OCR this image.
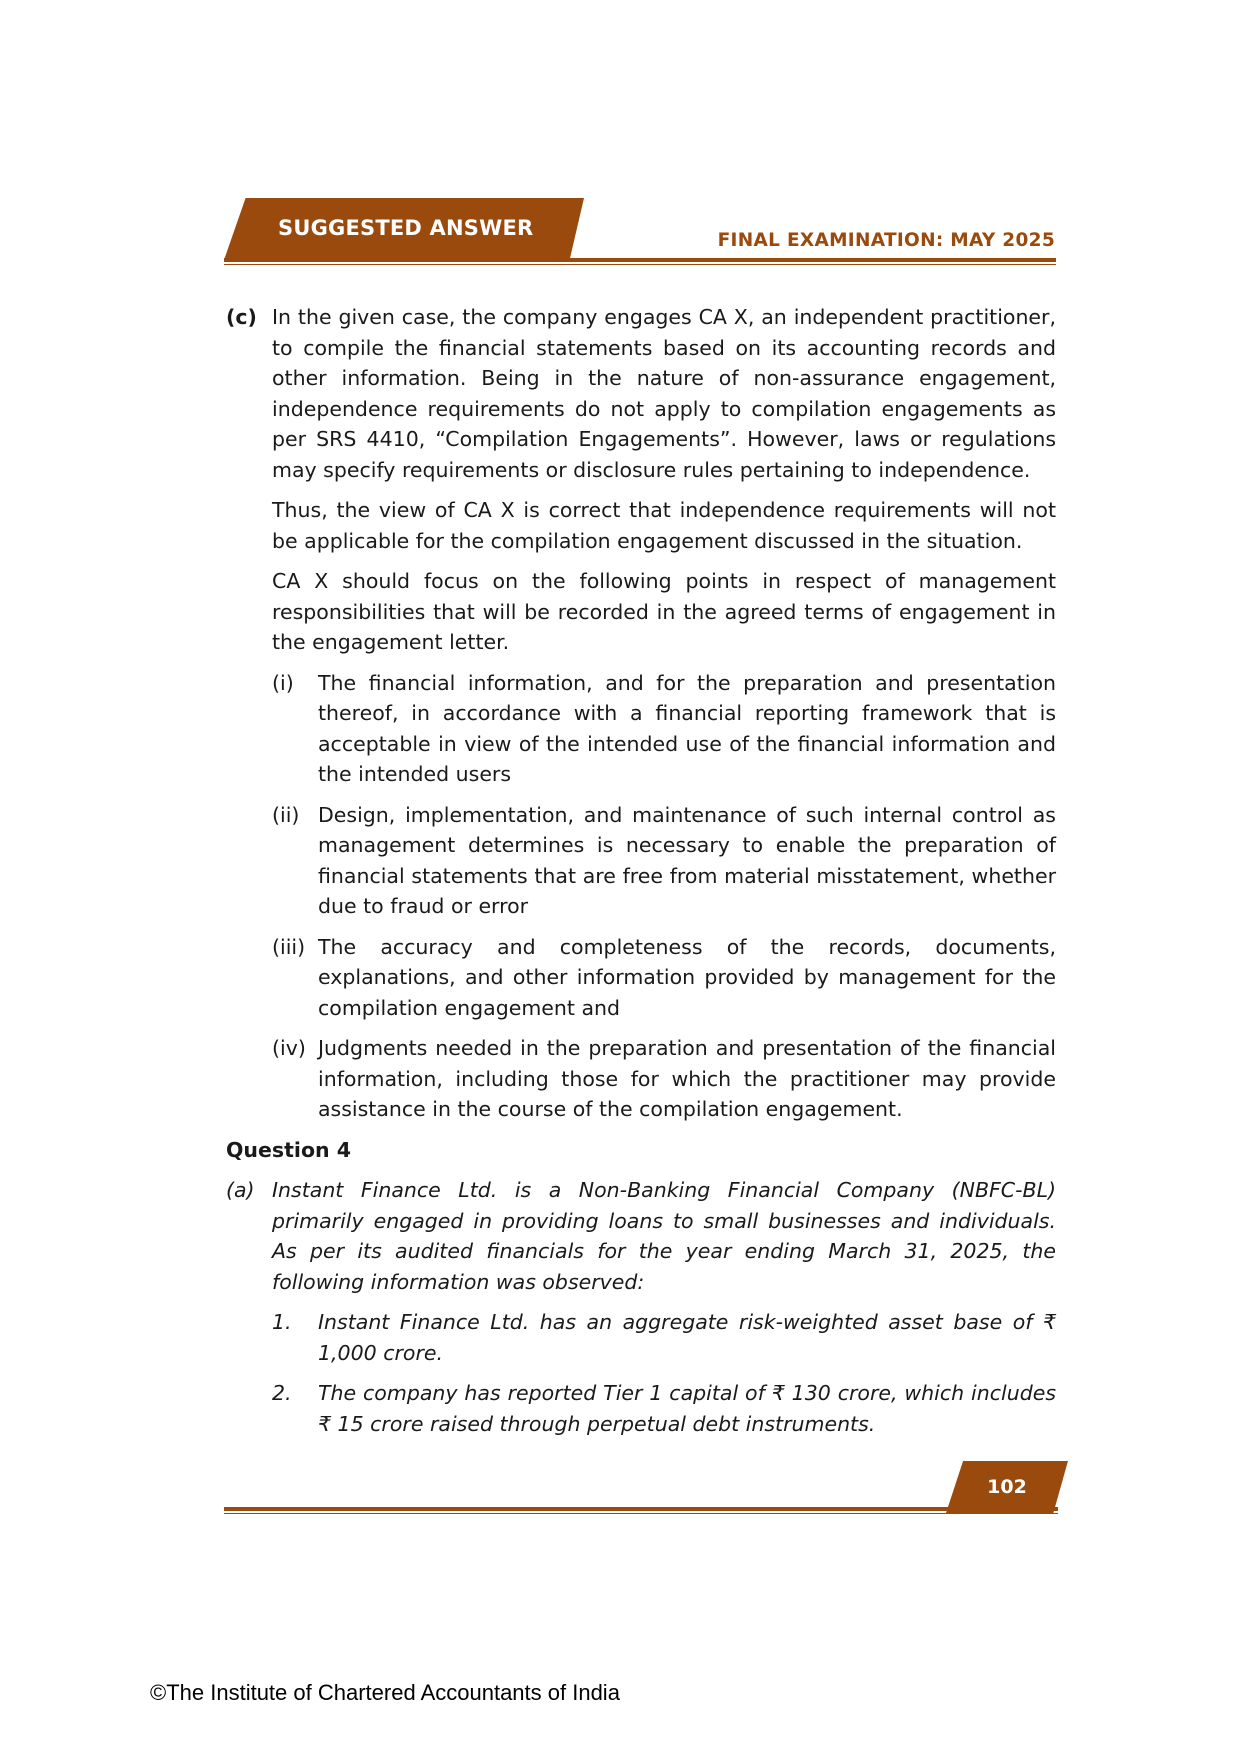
SUGGESTED ANSWER
FINAL EXAMINATION: MAY 2025
(c) In the given case, the company engages CA X, an independent practitioner, to compile the financial statements based on its accounting records and other information. Being in the nature of non-assurance engagement, independence requirements do not apply to compilation engagements as per SRS 4410, “Compilation Engagements”. However, laws or regulations may specify requirements or disclosure rules pertaining to independence.

Thus, the view of CA X is correct that independence requirements will not be applicable for the compilation engagement discussed in the situation.

CA X should focus on the following points in respect of management responsibilities that will be recorded in the agreed terms of engagement in the engagement letter.

(i)	The financial information, and for the preparation and presentation thereof, in accordance with a financial reporting framework that is acceptable in view of the intended use of the financial information and the intended users
(ii) Design, implementation, and maintenance of such internal control as management determines is necessary to enable the preparation of financial statements that are free from material misstatement, whether due to fraud or error
(iii) The accuracy and completeness of the records, documents, explanations, and other information provided by management for the compilation engagement and
(iv) Judgments needed in the preparation and presentation of the financial information, including those for which the practitioner may provide assistance in the course of the compilation engagement.
Question 4
(a) Instant Finance Ltd. is a Non-Banking Financial Company (NBFC-BL) primarily engaged in providing loans to small businesses and individuals. As per its audited financials for the year ending March 31, 2025, the following information was observed:
1.	Instant Finance Ltd. has an aggregate risk-weighted asset base of ₹ 1,000 crore.
2.	The company has reported Tier 1 capital of ₹ 130 crore, which includes ₹ 15 crore raised through perpetual debt instruments.
102
©The Institute of Chartered Accountants of India
